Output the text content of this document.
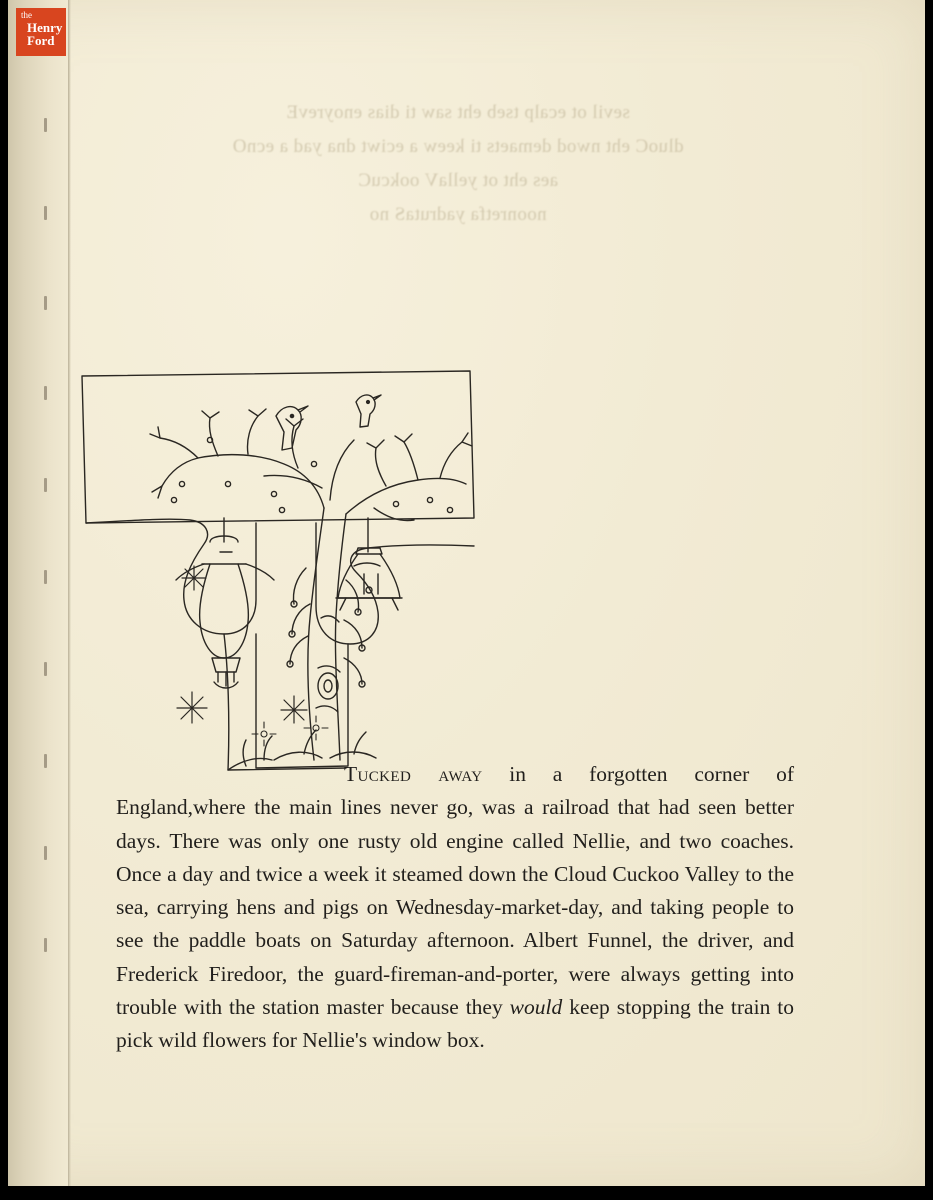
sevil ot ecalp tseb eht saw ti dias enoyrevE
dluoC eht nwod demaets ti keew a eciwt dna yad a ecnO
aes eht ot yellaV ookcuC
noonretfa yadrutaS no

Tucked away in a forgotten corner of England,where the main lines never go, was a railroad that had seen better days. There was only one rusty old engine called Nellie, and two coaches. Once a day and twice a week it steamed down the Cloud Cuckoo Valley to the sea, carrying hens and pigs on Wednesday-market-day, and taking people to see the paddle boats on Saturday afternoon. Albert Funnel, the driver, and Frederick Firedoor, the guard-fireman-and-porter, were always getting into trouble with the station master because they would keep stopping the train to pick wild flowers for Nellie's window box.

the
Henry
Ford
